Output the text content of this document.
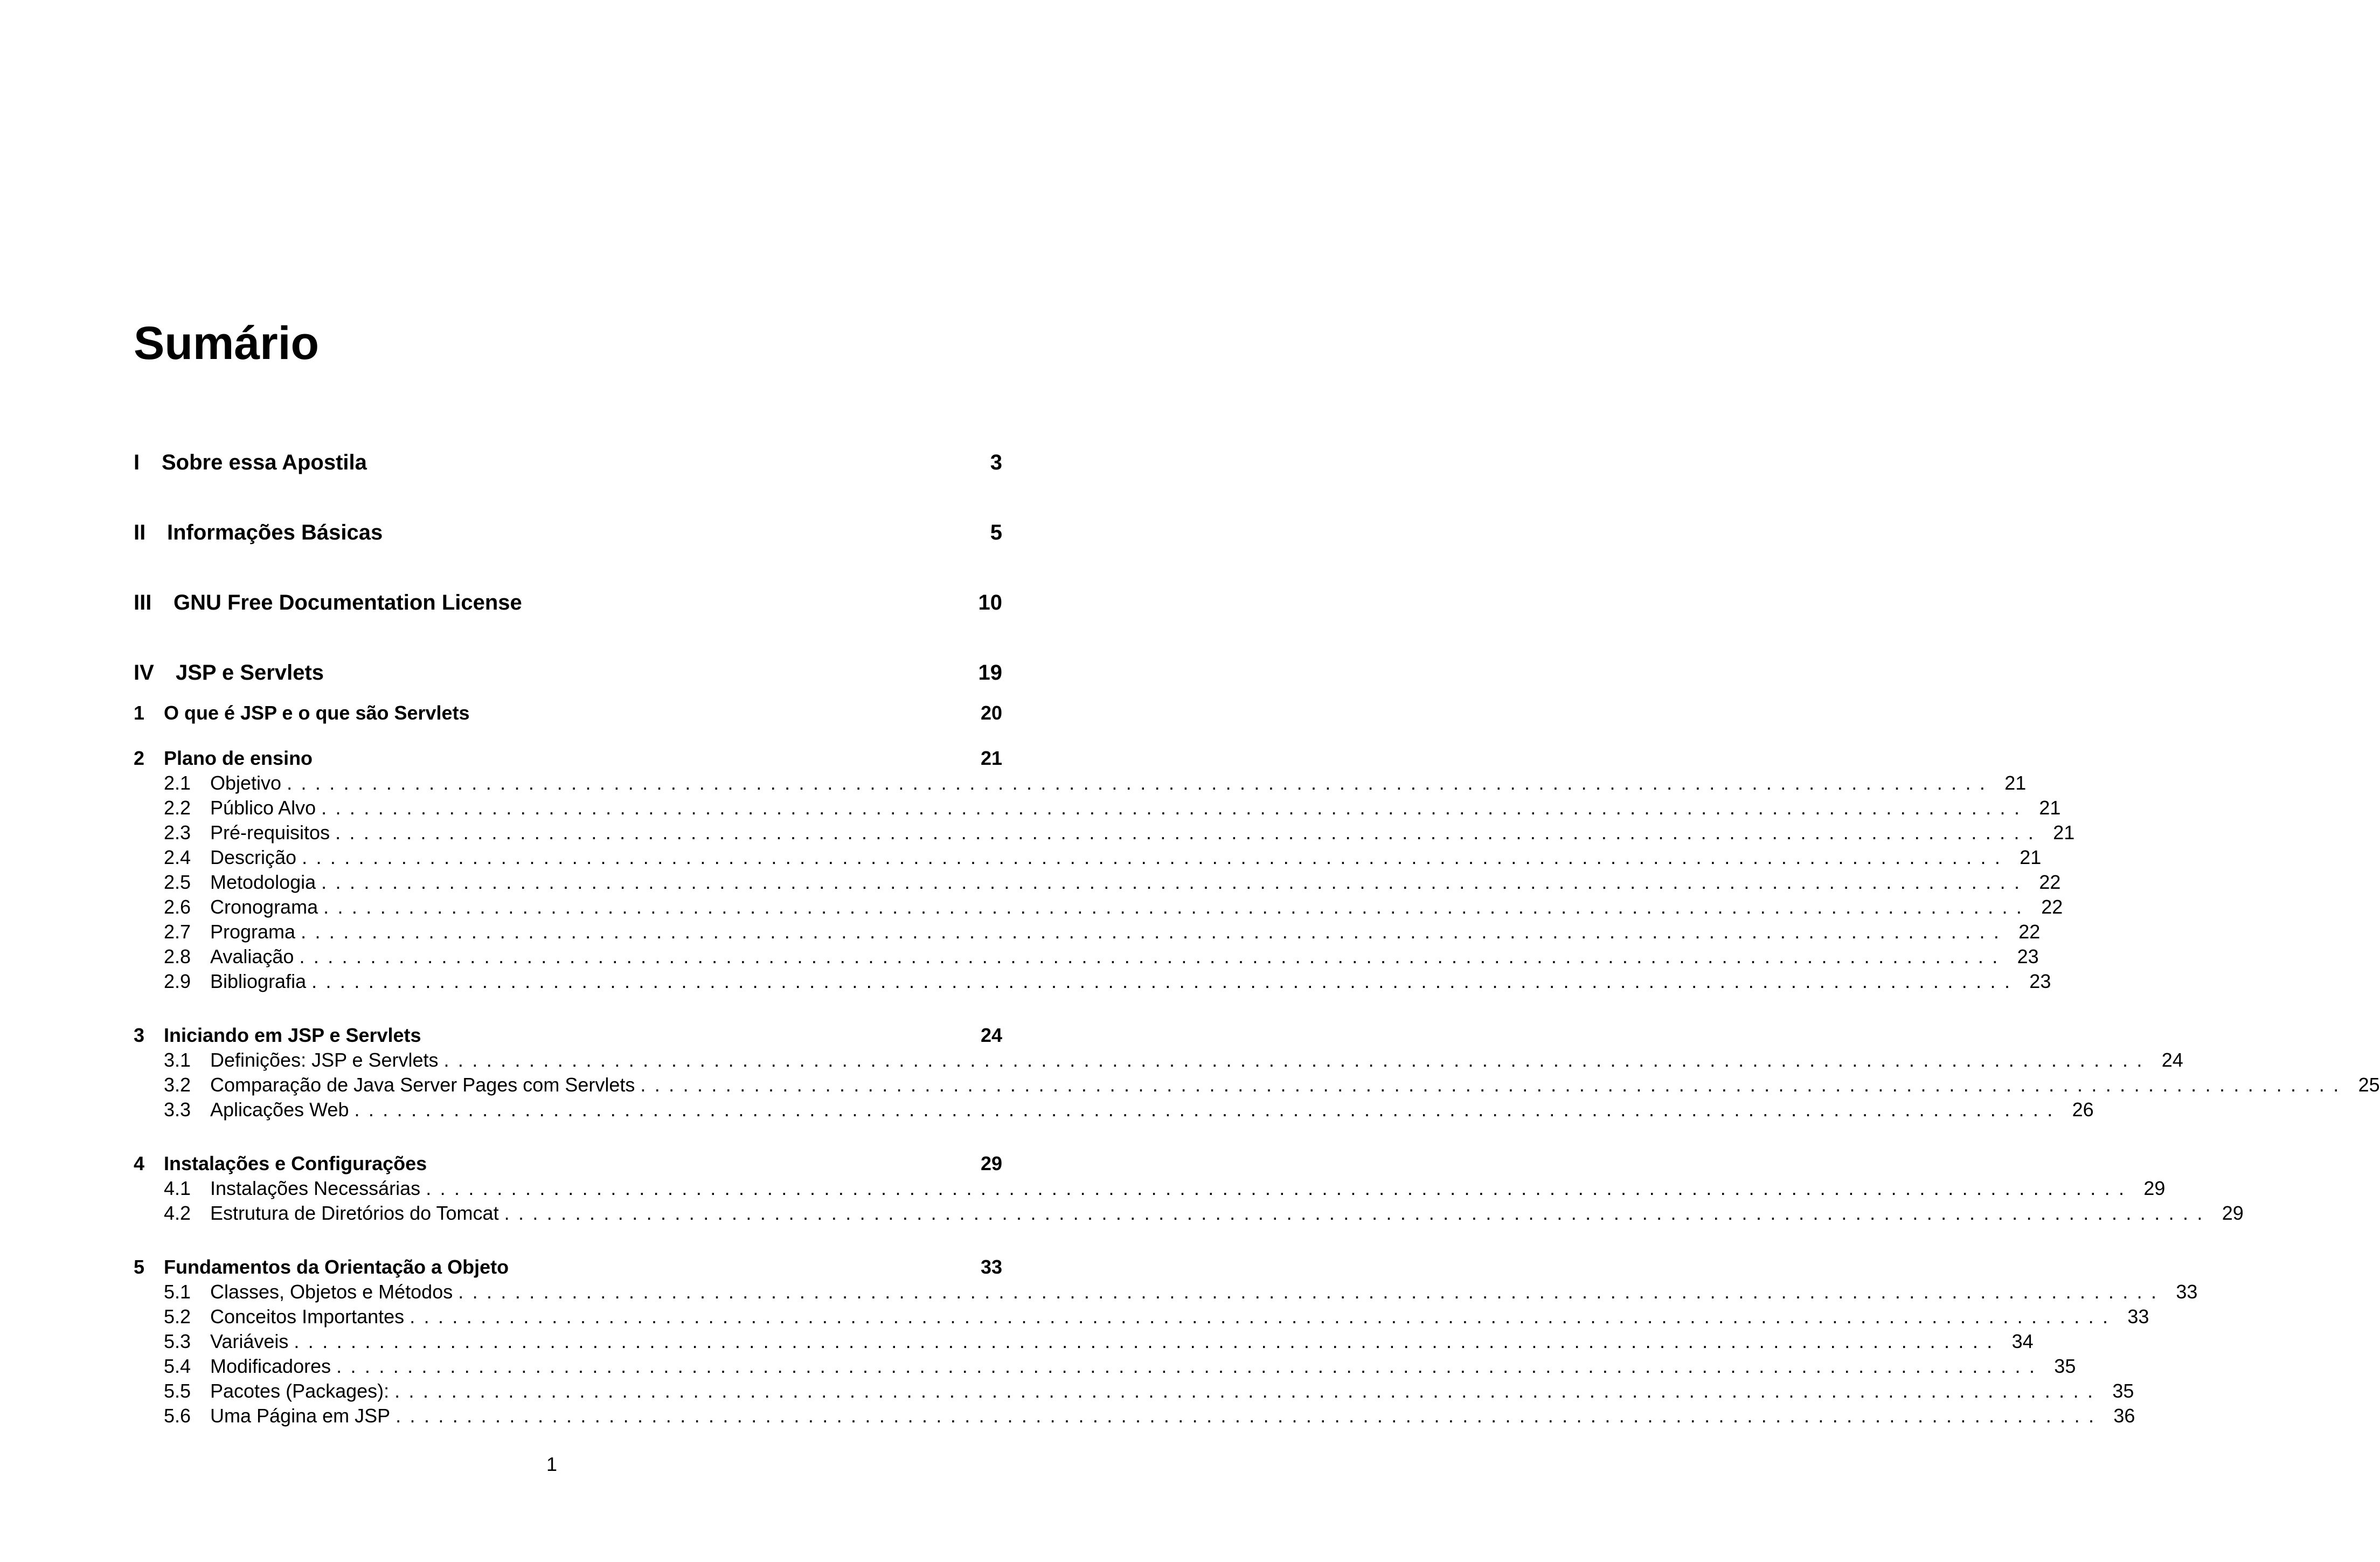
Sumário
I Sobre essa Apostila	3
II Informações Básicas	5
III GNU Free Documentation License	10
IV JSP e Servlets	19
1 O que é JSP e o que são Servlets	20
2 Plano de ensino	21
2.1 Objetivo ........................................................................................................................ 21
2.2 Público Alvo ........................................................................................................................ 21
2.3 Pré-requisitos ........................................................................................................................ 21
2.4 Descrição ........................................................................................................................ 21
2.5 Metodologia ........................................................................................................................ 22
2.6 Cronograma ........................................................................................................................ 22
2.7 Programa ........................................................................................................................ 22
2.8 Avaliação ........................................................................................................................ 23
2.9 Bibliografia ........................................................................................................................ 23
3 Iniciando em JSP e Servlets	24
3.1 Definições: JSP e Servlets ........................................................................................................................ 24
3.2 Comparação de Java Server Pages com Servlets ........................................................................................................................ 25
3.3 Aplicações Web ........................................................................................................................ 26
4 Instalações e Configurações	29
4.1 Instalações Necessárias ........................................................................................................................ 29
4.2 Estrutura de Diretórios do Tomcat ........................................................................................................................ 29
5 Fundamentos da Orientação a Objeto	33
5.1 Classes, Objetos e Métodos ........................................................................................................................ 33
5.2 Conceitos Importantes ........................................................................................................................ 33
5.3 Variáveis ........................................................................................................................ 34
5.4 Modificadores ........................................................................................................................ 35
5.5 Pacotes (Packages): ........................................................................................................................ 35
5.6 Uma Página em JSP ........................................................................................................................ 36
1
